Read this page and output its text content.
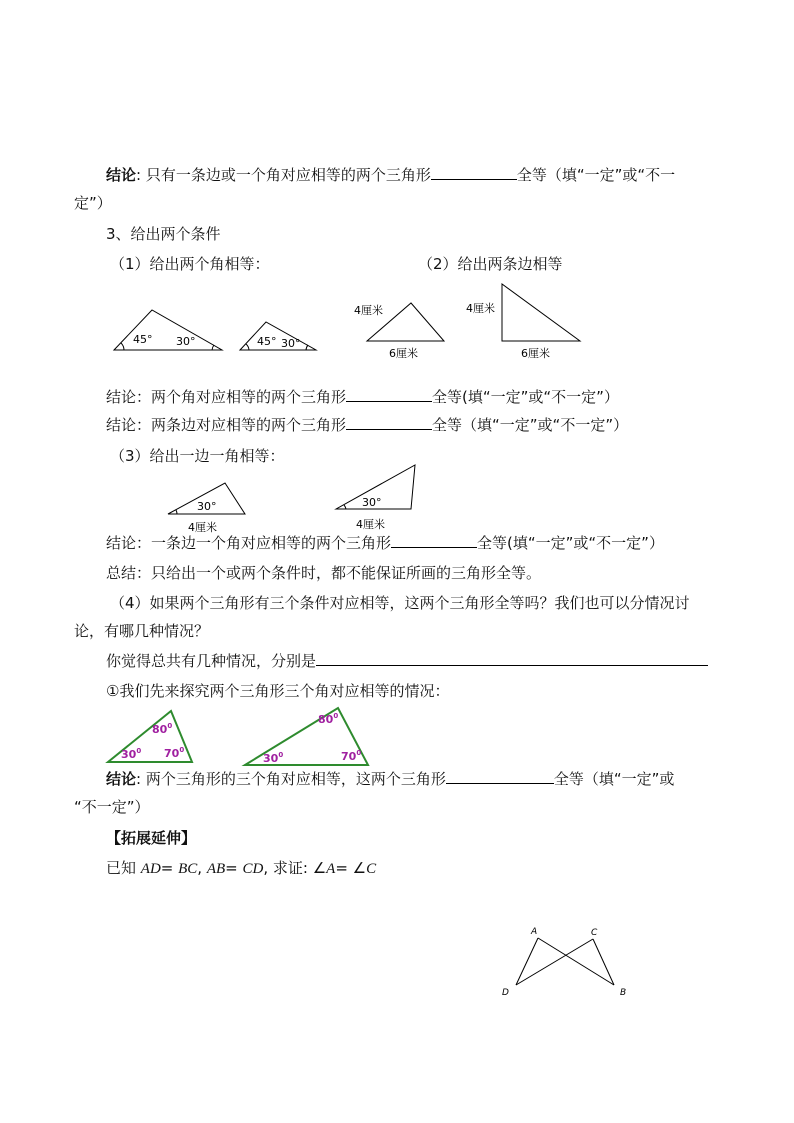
结论: 只有一条边或一个角对应相等的两个三角形	全等（填“一定”或“不一
定”）
3、给出两个条件
（1）给出两个角相等：	（2）给出两条边相等
45° 30°	45° 30°
4厘米
6厘米
4厘米
6厘米
结论：两个角对应相等的两个三角形	全等(填“一定”或“不一定”）
结论：两条边对应相等的两个三角形	全等（填“一定”或“不一定”）
（3）给出一边一角相等：
30°
4厘米
30°
4厘米
结论：一条边一个角对应相等的两个三角形	全等(填“一定”或“不一定”）
总结：只给出一个或两个条件时，都不能保证所画的三角形全等。
（4）如果两个三角形有三个条件对应相等，这两个三角形全等吗？我们也可以分情况讨
论，有哪几种情况？
你觉得总共有几种情况，分别是
①我们先来探究两个三角形三个角对应相等的情况：
$80^0$
$30^0$ $70^0$
$80^0$
$30^0$	$70^0$
结论: 两个三角形的三个角对应相等，这两个三角形	全等（填“一定”或
“不一定”）
【拓展延伸】
已知 AD= BC, AB= CD, 求证: ∠A= ∠C
A	C
D	B
